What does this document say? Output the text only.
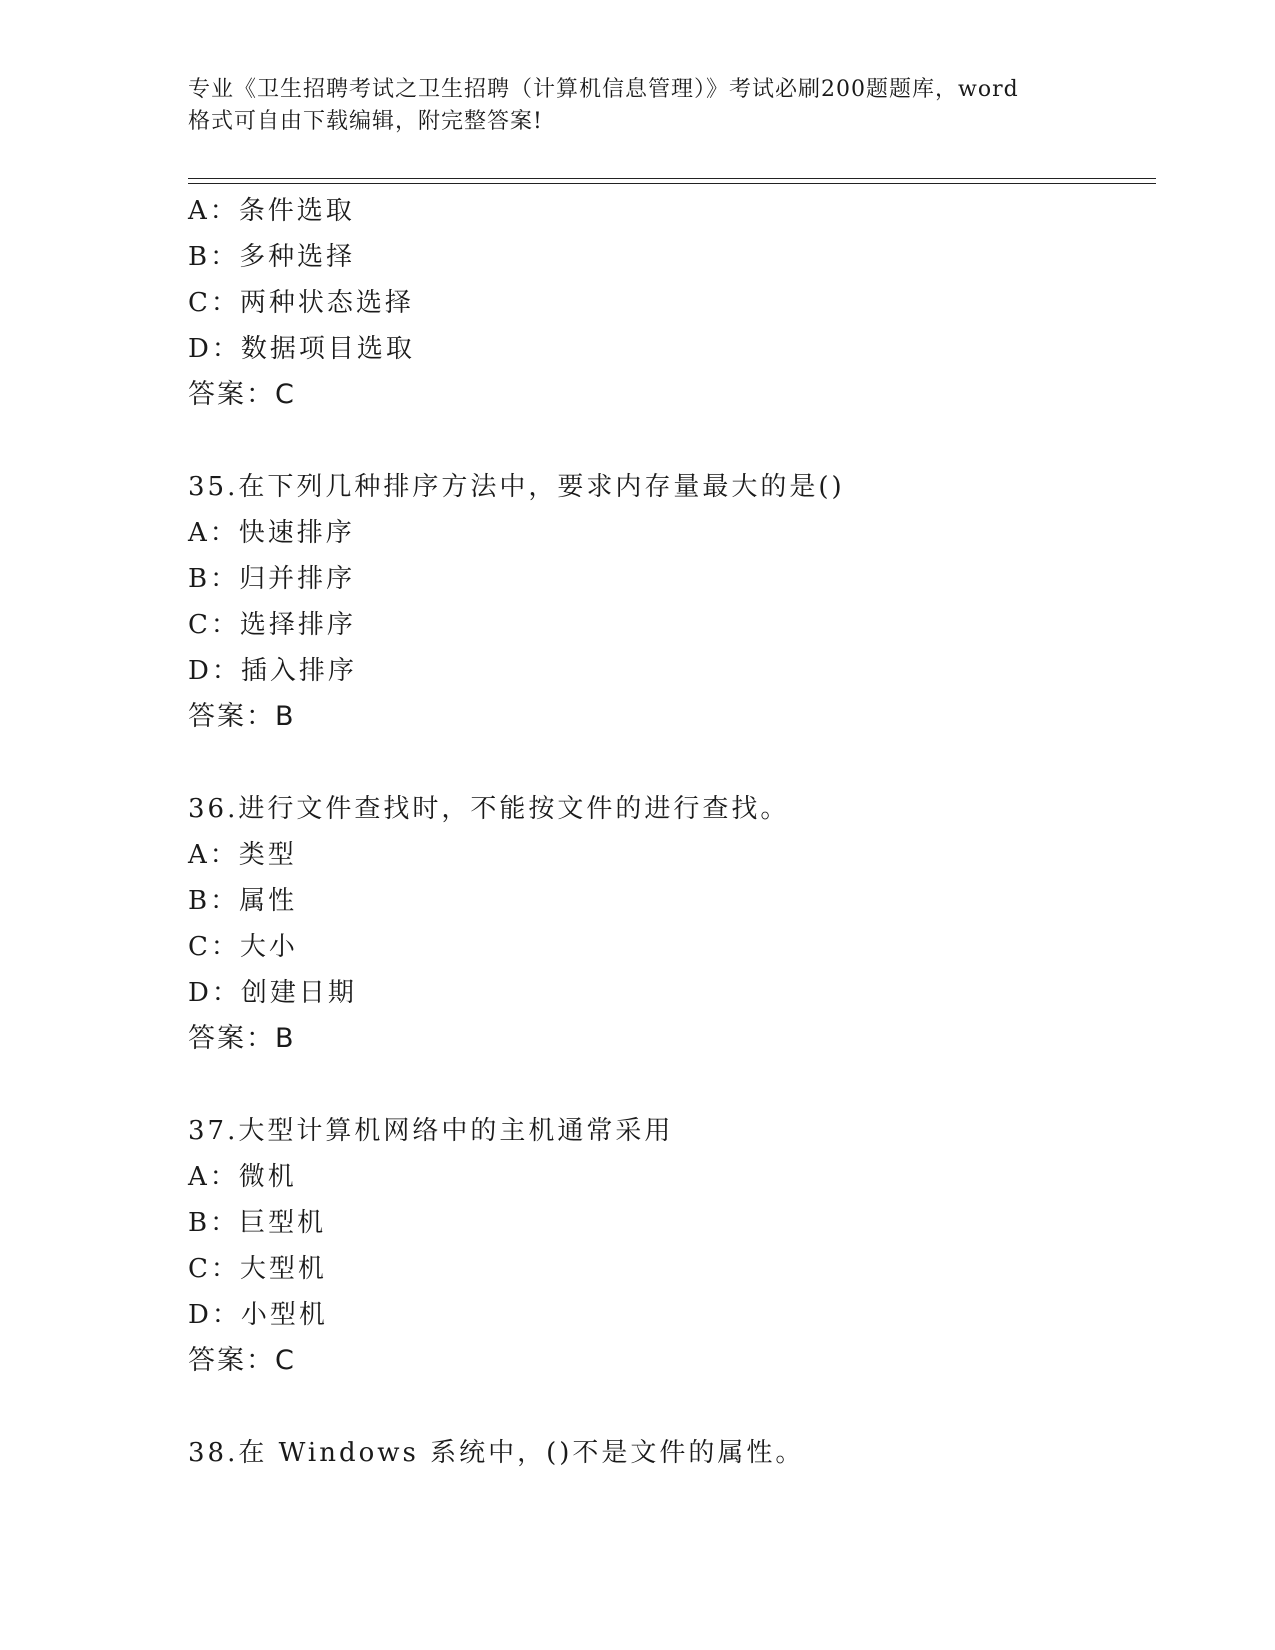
专业《卫生招聘考试之卫生招聘（计算机信息管理）》考试必刷200题题库，word
格式可自由下载编辑，附完整答案!
A：条件选取
B：多种选择
C：两种状态选择
D：数据项目选取
答案：C
35.在下列几种排序方法中，要求内存量最大的是()
A：快速排序
B：归并排序
C：选择排序
D：插入排序
答案：B
36.进行文件查找时，不能按文件的进行查找。
A：类型
B：属性
C：大小
D：创建日期
答案：B
37.大型计算机网络中的主机通常采用
A：微机
B：巨型机
C：大型机
D：小型机
答案：C
38.在 Windows 系统中，()不是文件的属性。
